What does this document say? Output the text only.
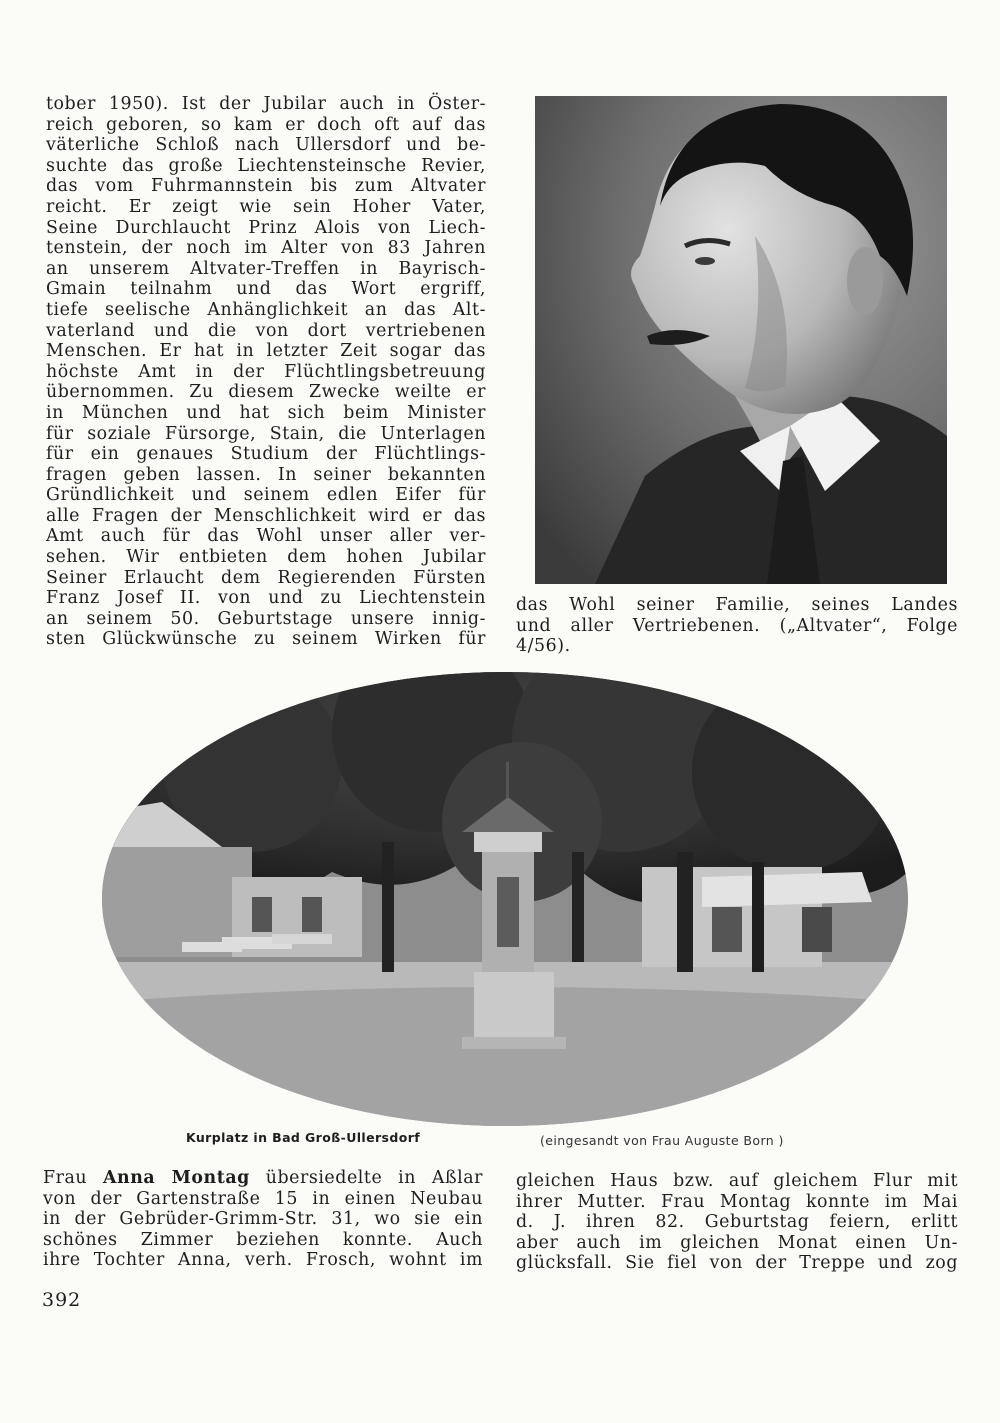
tober 1950). Ist der Jubilar auch in Öster-
reich geboren, so kam er doch oft auf das
väterliche Schloß nach Ullersdorf und be-
suchte das große Liechtensteinsche Revier,
das vom Fuhrmannstein bis zum Altvater
reicht. Er zeigt wie sein Hoher Vater,
Seine Durchlaucht Prinz Alois von Liech-
tenstein, der noch im Alter von 83 Jahren
an unserem Altvater-Treffen in Bayrisch-
Gmain teilnahm und das Wort ergriff,
tiefe seelische Anhänglichkeit an das Alt-
vaterland und die von dort vertriebenen
Menschen. Er hat in letzter Zeit sogar das
höchste Amt in der Flüchtlingsbetreuung
übernommen. Zu diesem Zwecke weilte er
in München und hat sich beim Minister
für soziale Fürsorge, Stain, die Unterlagen
für ein genaues Studium der Flüchtlings-
fragen geben lassen. In seiner bekannten
Gründlichkeit und seinem edlen Eifer für
alle Fragen der Menschlichkeit wird er das
Amt auch für das Wohl unser aller ver-
sehen. Wir entbieten dem hohen Jubilar
Seiner Erlaucht dem Regierenden Fürsten
Franz Josef II. von und zu Liechtenstein
an seinem 50. Geburtstage unsere innig-
sten Glückwünsche zu seinem Wirken für
das Wohl seiner Familie, seines Landes
und aller Vertriebenen. („Altvater“, Folge
4/56).
Kurplatz in Bad Groß-Ullersdorf	(eingesandt von Frau Auguste Born )
Frau Anna Montag übersiedelte in Aßlar
von der Gartenstraße 15 in einen Neubau
in der Gebrüder-Grimm-Str. 31, wo sie ein
schönes Zimmer beziehen konnte. Auch
ihre Tochter Anna, verh. Frosch, wohnt im
gleichen Haus bzw. auf gleichem Flur mit
ihrer Mutter. Frau Montag konnte im Mai
d. J. ihren 82. Geburtstag feiern, erlitt
aber auch im gleichen Monat einen Un-
glücksfall. Sie fiel von der Treppe und zog
392
